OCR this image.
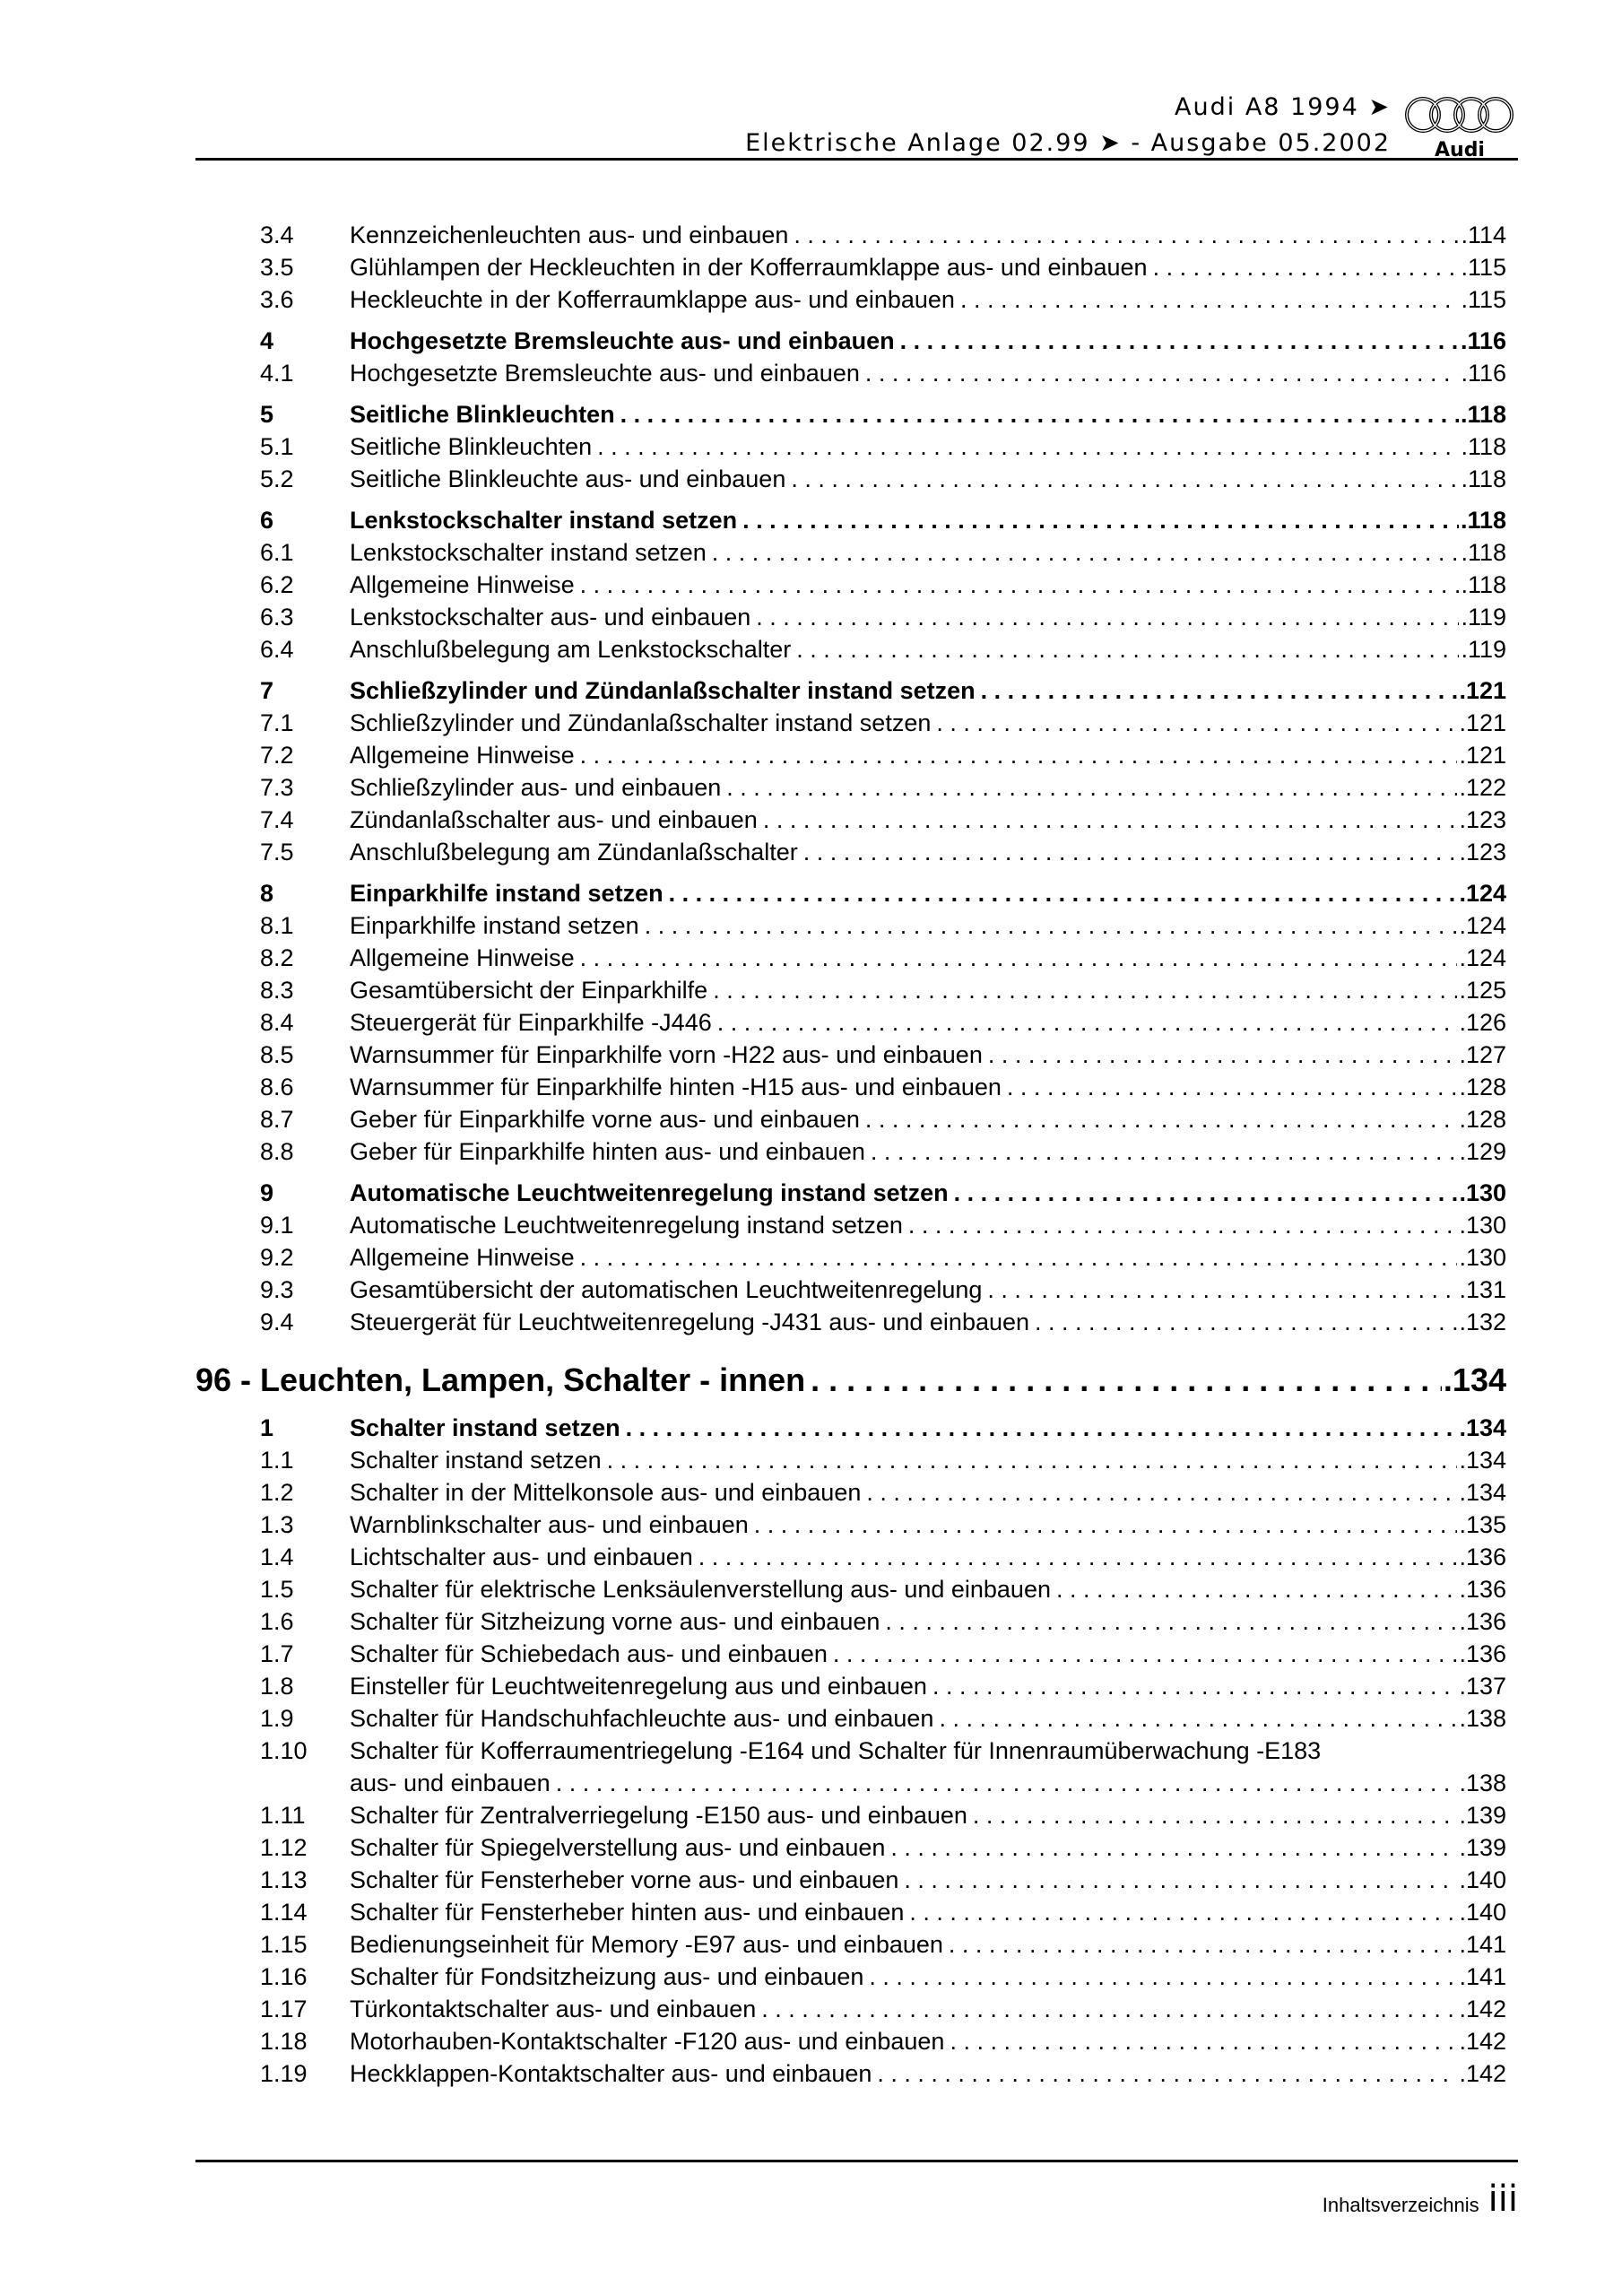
Audi A8 1994 ➤
Elektrische Anlage 02.99 ➤ - Ausgabe 05.2002 Audi
3.4 Kennzeichenleuchten aus- und einbauen . . .	.114
3.5 Glühlampen der Heckleuchten in der Kofferraumklappe aus- und einbauen . . .	.115
3.6 Heckleuchte in der Kofferraumklappe aus- und einbauen . . .	.115
4	Hochgesetzte Bremsleuchte aus- und einbauen . . .	.116
4.1 Hochgesetzte Bremsleuchte aus- und einbauen . . .	.116
5	Seitliche Blinkleuchten . . .	.118
5.1 Seitliche Blinkleuchten . . .	.118
5.2 Seitliche Blinkleuchte aus- und einbauen . . .	.118
6	Lenkstockschalter instand setzen . . .	.118
6.1 Lenkstockschalter instand setzen . . .	.118
6.2 Allgemeine Hinweise . . .	.118
6.3 Lenkstockschalter aus- und einbauen . . .	.119
6.4 Anschlußbelegung am Lenkstockschalter . . .	.119
7	Schließzylinder und Zündanlaßschalter instand setzen . . .	.121
7.1 Schließzylinder und Zündanlaßschalter instand setzen . . .	.121
7.2 Allgemeine Hinweise . . .	.121
7.3 Schließzylinder aus- und einbauen . . .	.122
7.4 Zündanlaßschalter aus- und einbauen . . .	.123
7.5 Anschlußbelegung am Zündanlaßschalter . . .	.123
8	Einparkhilfe instand setzen . . .	.124
8.1 Einparkhilfe instand setzen . . .	.124
8.2 Allgemeine Hinweise . . .	.124
8.3 Gesamtübersicht der Einparkhilfe . . .	.125
8.4 Steuergerät für Einparkhilfe -J446 . . .	.126
8.5 Warnsummer für Einparkhilfe vorn -H22 aus- und einbauen . . .	.127
8.6 Warnsummer für Einparkhilfe hinten -H15 aus- und einbauen . . .	.128
8.7 Geber für Einparkhilfe vorne aus- und einbauen . . .	.128
8.8 Geber für Einparkhilfe hinten aus- und einbauen . . .	.129
9	Automatische Leuchtweitenregelung instand setzen . . .	.130
9.1 Automatische Leuchtweitenregelung instand setzen . . .	.130
9.2 Allgemeine Hinweise . . .	.130
9.3 Gesamtübersicht der automatischen Leuchtweitenregelung . . .	.131
9.4 Steuergerät für Leuchtweitenregelung -J431 aus- und einbauen . . .	.132
96 - Leuchten, Lampen, Schalter - innen . . .	.134
1	Schalter instand setzen . . .	.134
1.1 Schalter instand setzen . . .	.134
1.2 Schalter in der Mittelkonsole aus- und einbauen . . .	.134
1.3 Warnblinkschalter aus- und einbauen . . .	.135
1.4 Lichtschalter aus- und einbauen . . .	.136
1.5 Schalter für elektrische Lenksäulenverstellung aus- und einbauen . . .	.136
1.6 Schalter für Sitzheizung vorne aus- und einbauen . . .	.136
1.7 Schalter für Schiebedach aus- und einbauen . . .	.136
1.8 Einsteller für Leuchtweitenregelung aus und einbauen . . .	.137
1.9 Schalter für Handschuhfachleuchte aus- und einbauen . . .	.138
1.10 Schalter für Kofferraumentriegelung -E164 und Schalter für Innenraumüberwachung -E183
aus- und einbauen . . .	.138
1.11 Schalter für Zentralverriegelung -E150 aus- und einbauen . . .	.139
1.12 Schalter für Spiegelverstellung aus- und einbauen . . .	.139
1.13 Schalter für Fensterheber vorne aus- und einbauen . . .	.140
1.14 Schalter für Fensterheber hinten aus- und einbauen . . .	.140
1.15 Bedienungseinheit für Memory -E97 aus- und einbauen . . .	.141
1.16 Schalter für Fondsitzheizung aus- und einbauen . . .	.141
1.17 Türkontaktschalter aus- und einbauen . . .	.142
1.18 Motorhauben-Kontaktschalter -F120 aus- und einbauen . . .	.142
1.19 Heckklappen-Kontaktschalter aus- und einbauen . . .	.142
Inhaltsverzeichnis iii
